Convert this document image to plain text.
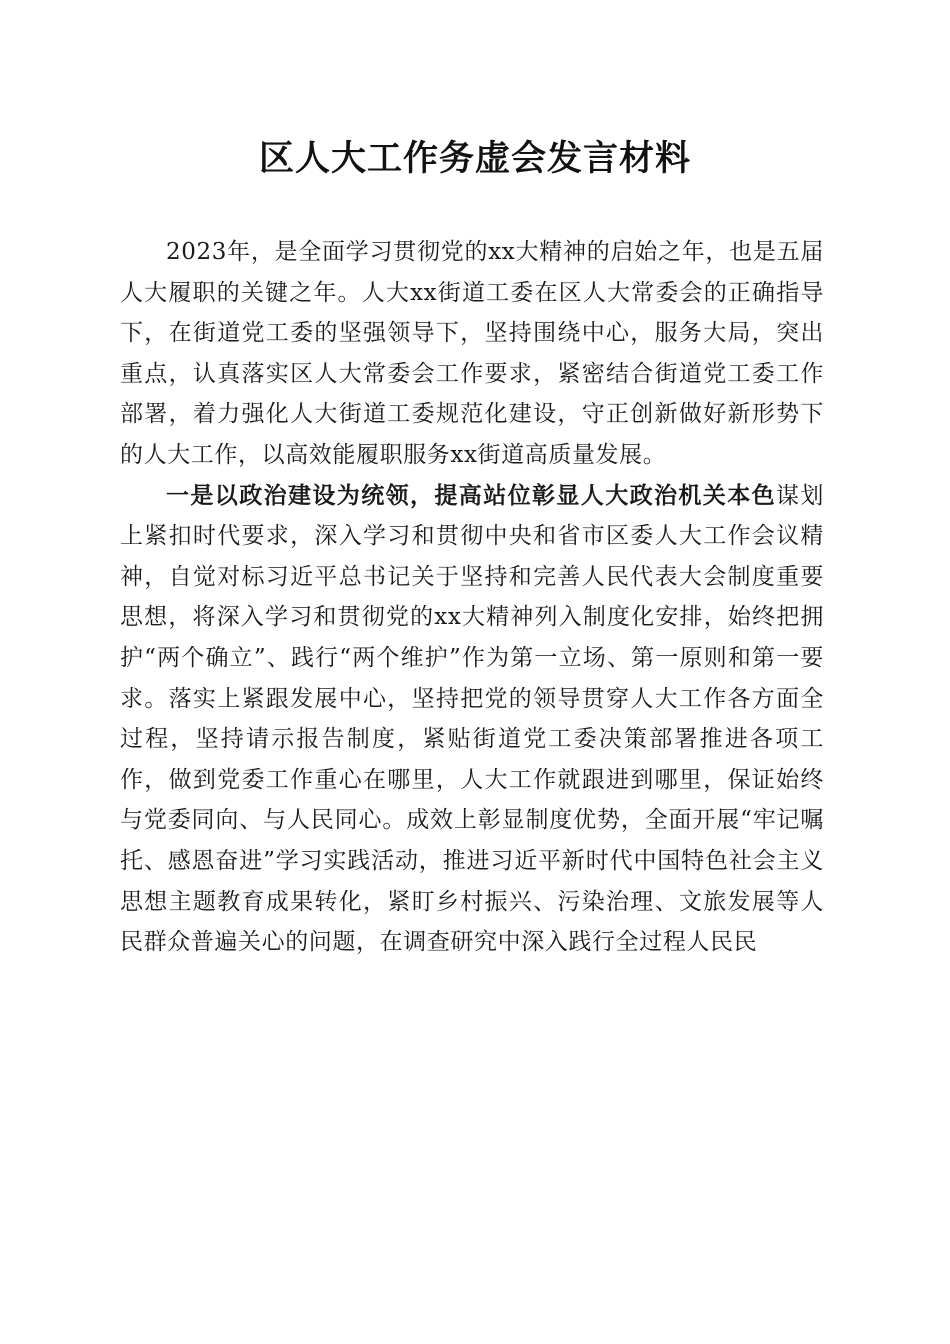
区人大工作务虚会发言材料

2023年，是全面学习贯彻党的xx大精神的启始之年，也是五届人大履职的关键之年。人大xx街道工委在区人大常委会的正确指导下，在街道党工委的坚强领导下，坚持围绕中心，服务大局，突出重点，认真落实区人大常委会工作要求，紧密结合街道党工委工作部署，着力强化人大街道工委规范化建设，守正创新做好新形势下的人大工作，以高效能履职服务xx街道高质量发展。

一是以政治建设为统领，提高站位彰显人大政治机关本色谋划上紧扣时代要求，深入学习和贯彻中央和省市区委人大工作会议精神，自觉对标习近平总书记关于坚持和完善人民代表大会制度重要思想，将深入学习和贯彻党的xx大精神列入制度化安排，始终把拥护“两个确立”、践行“两个维护”作为第一立场、第一原则和第一要求。落实上紧跟发展中心，坚持把党的领导贯穿人大工作各方面全过程，坚持请示报告制度，紧贴街道党工委决策部署推进各项工作，做到党委工作重心在哪里，人大工作就跟进到哪里，保证始终与党委同向、与人民同心。成效上彰显制度优势，全面开展“牢记嘱托、感恩奋进”学习实践活动，推进习近平新时代中国特色社会主义思想主题教育成果转化，紧盯乡村振兴、污染治理、文旅发展等人民群众普遍关心的问题，在调查研究中深入践行全过程人民民
